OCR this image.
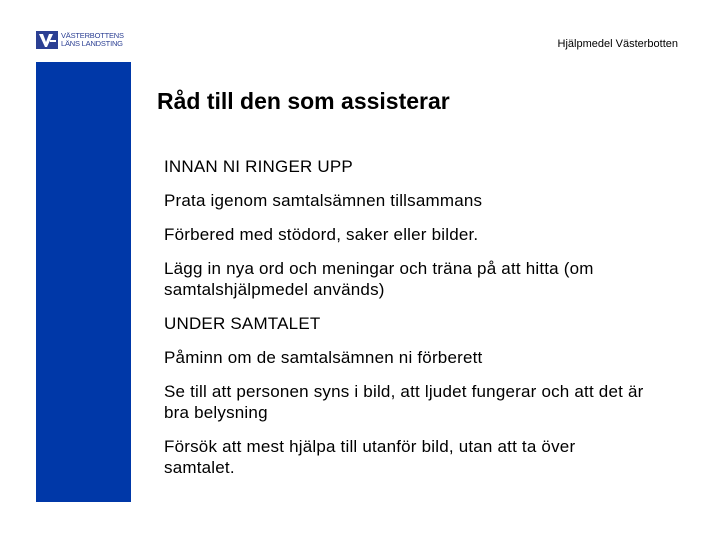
VÄSTERBOTTENS
LÄNS LANDSTING	Hjälpmedel Västerbotten
Råd till den som assisterar

INNAN NI RINGER UPP

Prata igenom samtalsämnen tillsammans

Förbered med stödord, saker eller bilder.

Lägg in nya ord och meningar och träna på att hitta (om samtalshjälpmedel används)

UNDER SAMTALET

Påminn om de samtalsämnen ni förberett

Se till att personen syns i bild, att ljudet fungerar och att det är bra belysning

Försök att mest hjälpa till utanför bild, utan att ta över samtalet.
